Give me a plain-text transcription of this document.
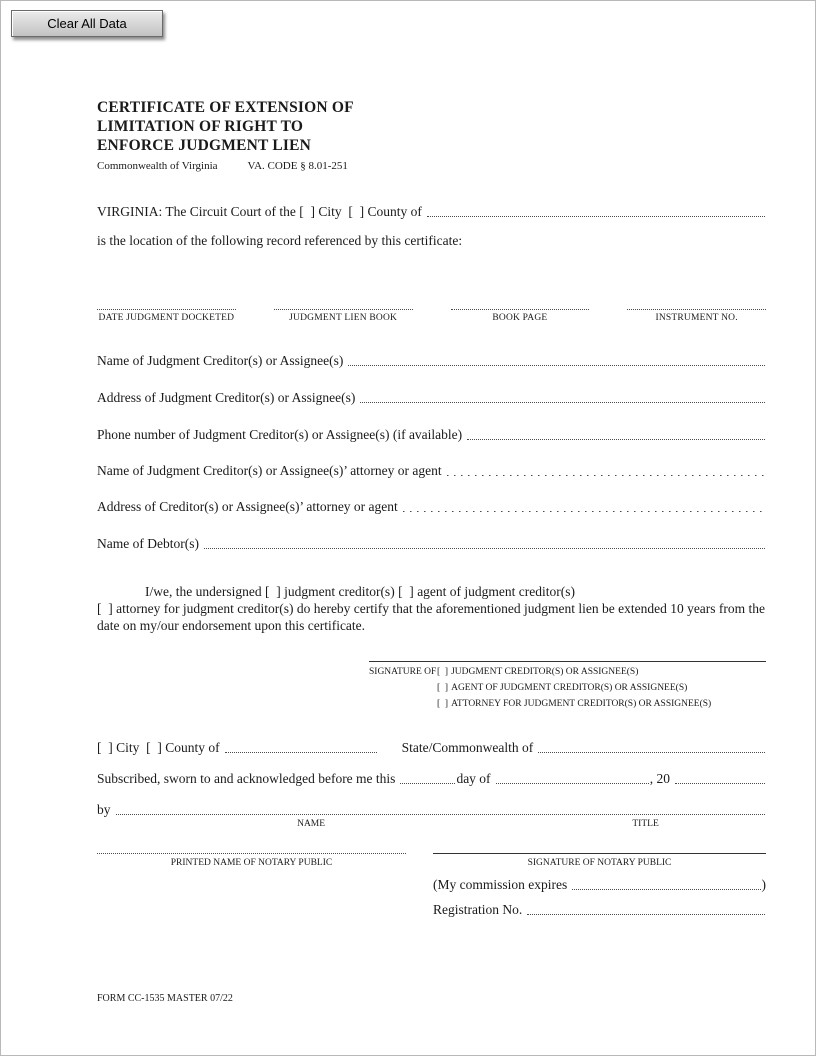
Clear All Data
CERTIFICATE OF EXTENSION OF
LIMITATION OF RIGHT TO
ENFORCE JUDGMENT LIEN
Commonwealth of Virginia	VA. CODE § 8.01-251
VIRGINIA: The Circuit Court of the
[  ]
City
[  ]
County of
is the location of the following record referenced by this certificate:
DATE JUDGMENT DOCKETED	JUDGMENT LIEN BOOK	BOOK PAGE	INSTRUMENT NO.
Name of Judgment Creditor(s) or Assignee(s)
Address of Judgment Creditor(s) or Assignee(s)
Phone number of Judgment Creditor(s) or Assignee(s) (if available)
Name of Judgment Creditor(s) or Assignee(s)’ attorney or agent
Address of Creditor(s) or Assignee(s)’ attorney or agent
Name of Debtor(s)
I/we, the undersigned [  ] judgment creditor(s) [  ] agent of judgment creditor(s)
[  ] attorney for judgment creditor(s) do hereby certify that the aforementioned judgment lien be extended 10 years from the date on my/our endorsement upon this certificate.
SIGNATURE OF [  ] JUDGMENT CREDITOR(S) OR ASSIGNEE(S)
[  ] AGENT OF JUDGMENT CREDITOR(S) OR ASSIGNEE(S)
[  ] ATTORNEY FOR JUDGMENT CREDITOR(S) OR ASSIGNEE(S)
[  ]
City
[  ]
County of	State/Commonwealth of
Subscribed, sworn to and acknowledged before me this	day of	, 20
by
NAME	TITLE
PRINTED NAME OF NOTARY PUBLIC	SIGNATURE OF NOTARY PUBLIC
(My commission expires	)
Registration No.
FORM CC-1535 MASTER 07/22
